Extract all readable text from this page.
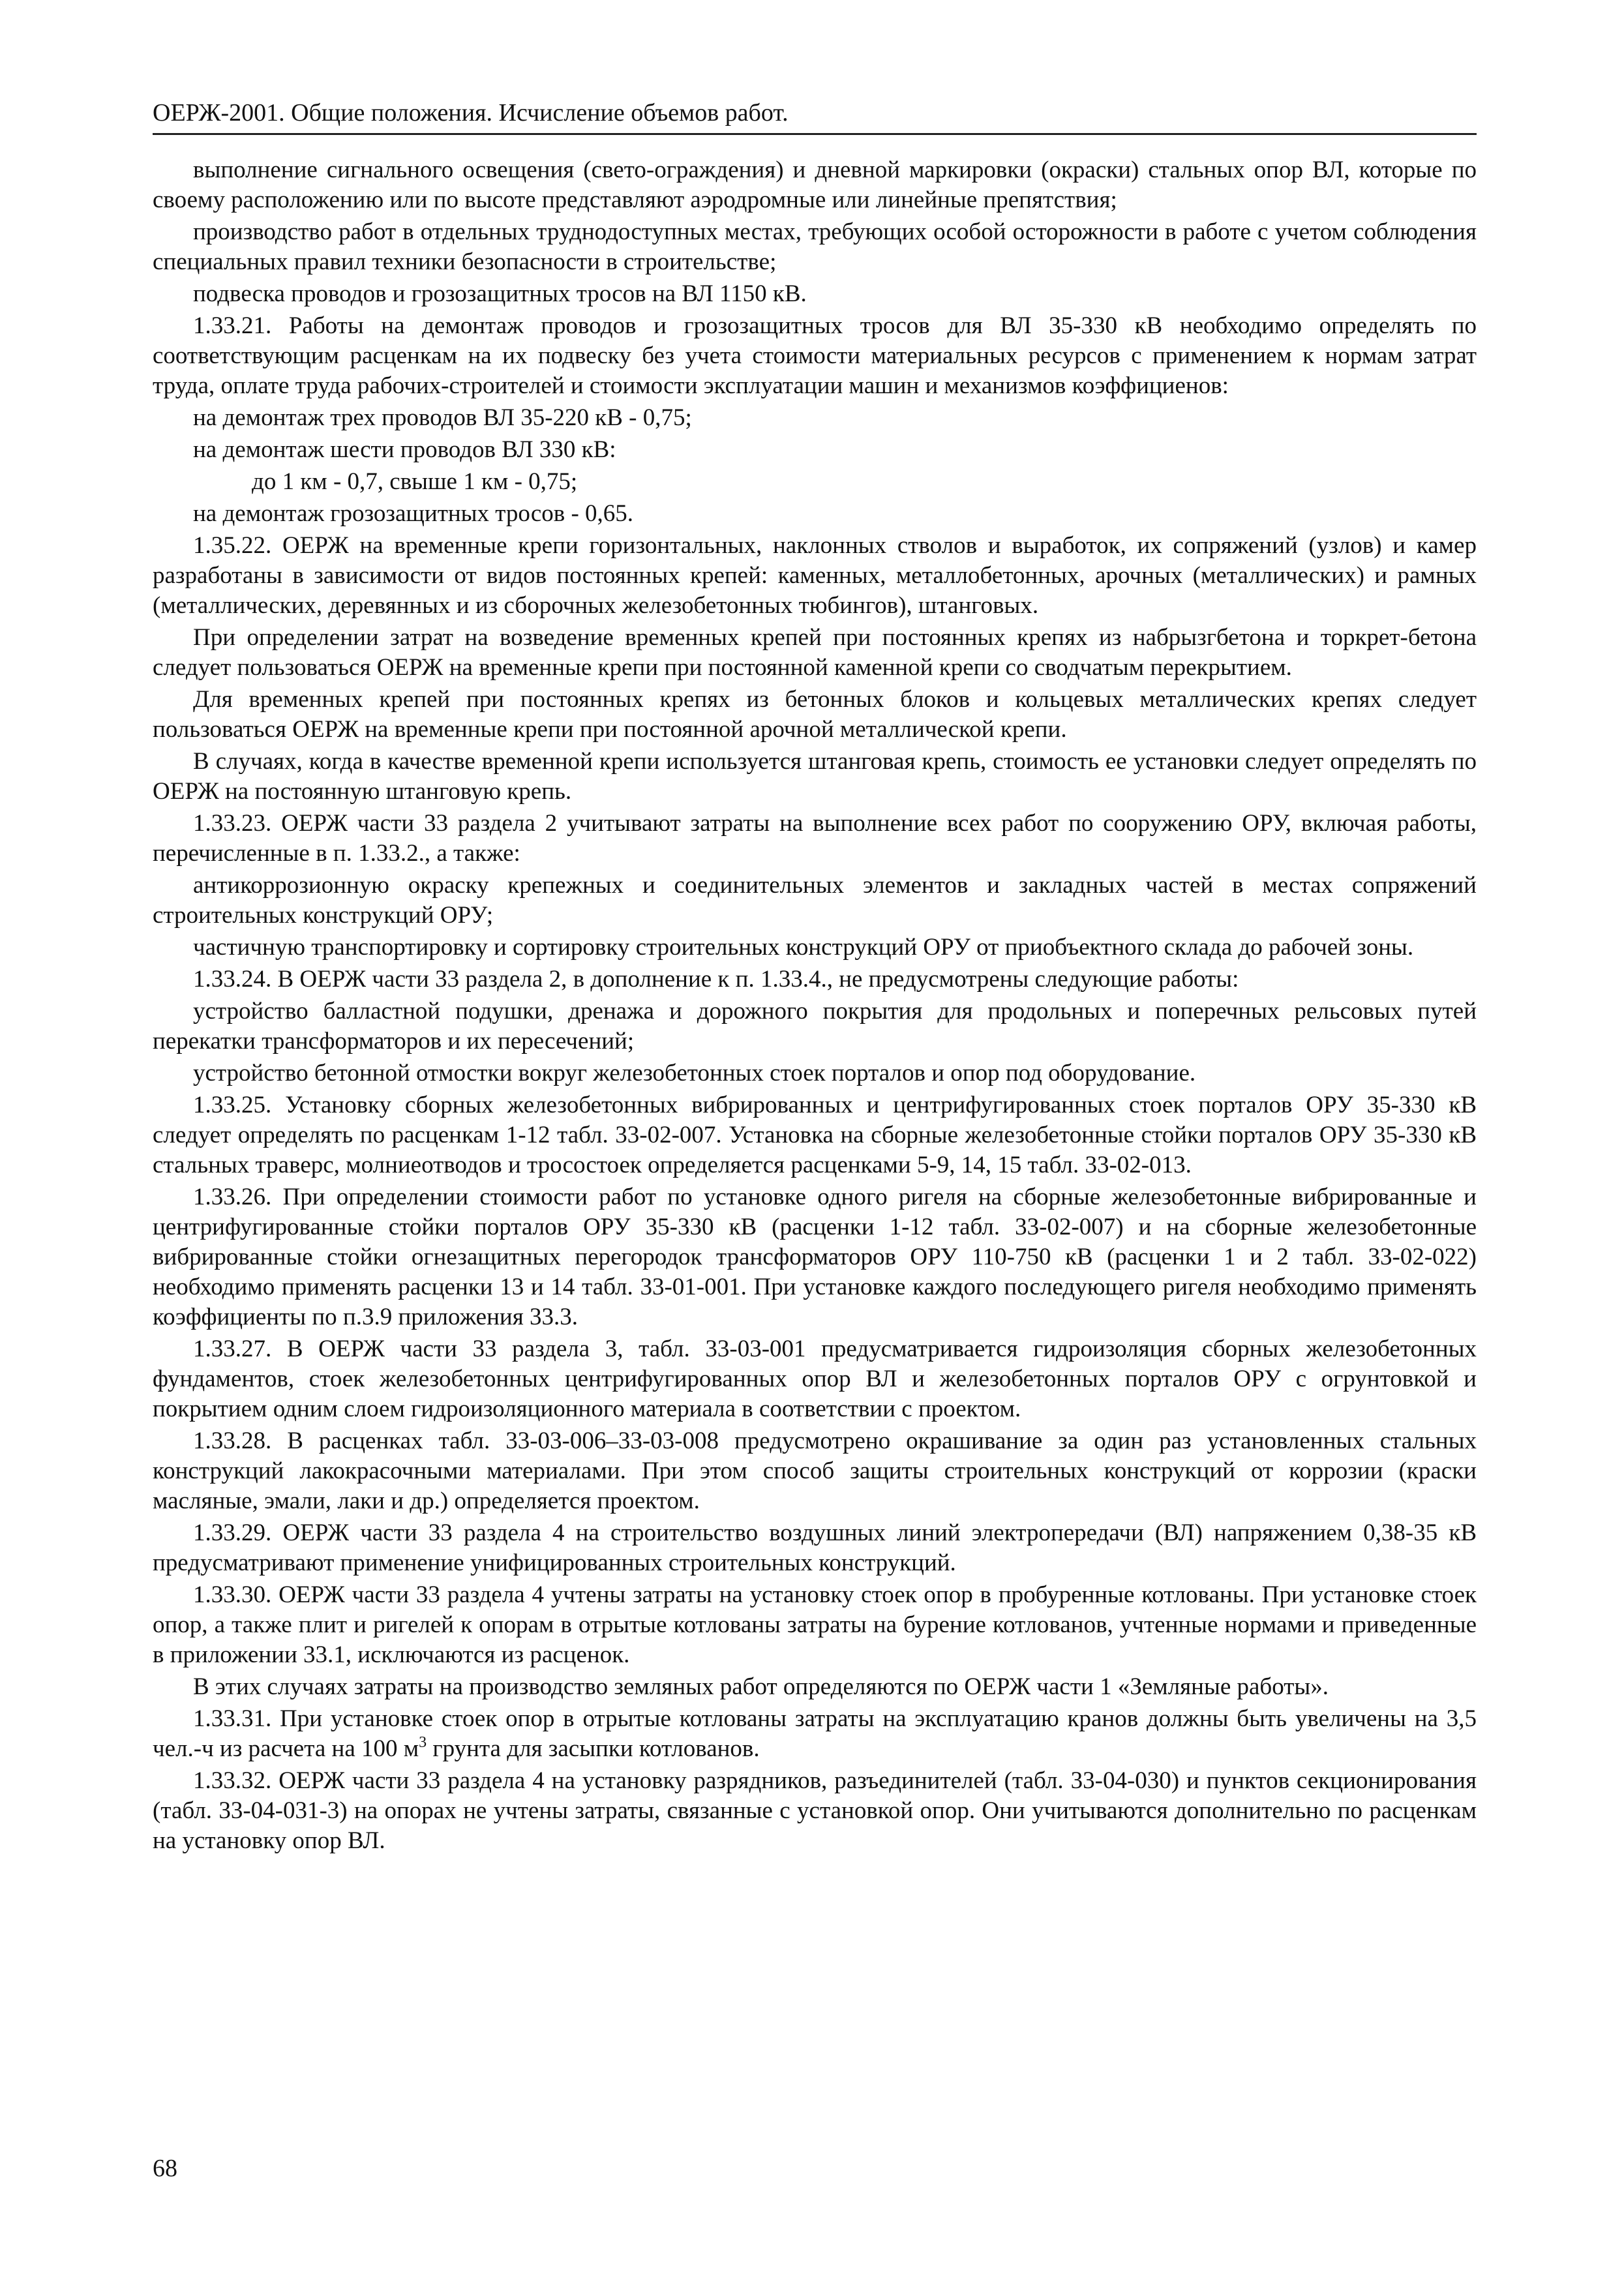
ОЕРЖ-2001. Общие положения. Исчисление объемов работ.

выполнение сигнального освещения (свето-ограждения) и дневной маркировки (окраски) стальных опор ВЛ, которые по своему расположению или по высоте представляют аэродромные или линейные препятствия;

производство работ в отдельных труднодоступных местах, требующих особой осторожности в работе с учетом соблюдения специальных правил техники безопасности в строительстве;

подвеска проводов и грозозащитных тросов на ВЛ 1150 кВ.

1.33.21. Работы на демонтаж проводов и грозозащитных тросов для ВЛ 35-330 кВ необходимо определять по соответствующим расценкам на их подвеску без учета стоимости материальных ресурсов с применением к нормам затрат труда, оплате труда рабочих-строителей и стоимости эксплуатации машин и механизмов коэффициенов:

на демонтаж трех проводов ВЛ 35-220 кВ - 0,75;

на демонтаж шести проводов ВЛ 330 кВ:

до 1 км - 0,7, свыше 1 км - 0,75;

на демонтаж грозозащитных тросов - 0,65.

1.35.22. ОЕРЖ на временные крепи горизонтальных, наклонных стволов и выработок, их сопряжений (узлов) и камер разработаны в зависимости от видов постоянных крепей: каменных, металлобетонных, арочных (металлических) и рамных (металлических, деревянных и из сборочных железобетонных тюбингов), штанговых.

При определении затрат на возведение временных крепей при постоянных крепях из набрызгбетона и торкрет-бетона следует пользоваться ОЕРЖ на временные крепи при постоянной каменной крепи со сводчатым перекрытием.

Для временных крепей при постоянных крепях из бетонных блоков и кольцевых металлических крепях следует пользоваться ОЕРЖ на временные крепи при постоянной арочной металлической крепи.

В случаях, когда в качестве временной крепи используется штанговая крепь, стоимость ее установки следует определять по ОЕРЖ на постоянную штанговую крепь.

1.33.23. ОЕРЖ части 33 раздела 2 учитывают затраты на выполнение всех работ по сооружению ОРУ, включая работы, перечисленные в п. 1.33.2., а также:

антикоррозионную окраску крепежных и соединительных элементов и закладных частей в местах сопряжений строительных конструкций ОРУ;

частичную транспортировку и сортировку строительных конструкций ОРУ от приобъектного склада до рабочей зоны.

1.33.24. В ОЕРЖ части 33 раздела 2, в дополнение к п. 1.33.4., не предусмотрены следующие работы:

устройство балластной подушки, дренажа и дорожного покрытия для продольных и поперечных рельсовых путей перекатки трансформаторов и их пересечений;

устройство бетонной отмостки вокруг железобетонных стоек порталов и опор под оборудование.

1.33.25. Установку сборных железобетонных вибрированных и центрифугированных стоек порталов ОРУ 35-330 кВ следует определять по расценкам 1-12 табл. 33-02-007. Установка на сборные железобетонные стойки порталов ОРУ 35-330 кВ стальных траверс, молниеотводов и тросостоек определяется расценками 5-9, 14, 15 табл. 33-02-013.

1.33.26. При определении стоимости работ по установке одного ригеля на сборные железобетонные вибрированные и центрифугированные стойки порталов ОРУ 35-330 кВ (расценки 1-12 табл. 33-02-007) и на сборные железобетонные вибрированные стойки огнезащитных перегородок трансформаторов ОРУ 110-750 кВ (расценки 1 и 2 табл. 33-02-022) необходимо применять расценки 13 и 14 табл. 33-01-001. При установке каждого последующего ригеля необходимо применять коэффициенты по п.3.9 приложения 33.3.

1.33.27. В ОЕРЖ части 33 раздела 3, табл. 33-03-001 предусматривается гидроизоляция сборных железобетонных фундаментов, стоек железобетонных центрифугированных опор ВЛ и железобетонных порталов ОРУ с огрунтовкой и покрытием одним слоем гидроизоляционного материала в соответствии с проектом.

1.33.28. В расценках табл. 33-03-006–33-03-008 предусмотрено окрашивание за один раз установленных стальных конструкций лакокрасочными материалами. При этом способ защиты строительных конструкций от коррозии (краски масляные, эмали, лаки и др.) определяется проектом.

1.33.29. ОЕРЖ части 33 раздела 4 на строительство воздушных линий электропередачи (ВЛ) напряжением 0,38-35 кВ предусматривают применение унифицированных строительных конструкций.

1.33.30. ОЕРЖ части 33 раздела 4 учтены затраты на установку стоек опор в пробуренные котлованы. При установке стоек опор, а также плит и ригелей к опорам в отрытые котлованы затраты на бурение котлованов, учтенные нормами и приведенные в приложении 33.1, исключаются из расценок.

В этих случаях затраты на производство земляных работ определяются по ОЕРЖ части 1 «Земляные работы».

1.33.31. При установке стоек опор в отрытые котлованы затраты на эксплуатацию кранов должны быть увеличены на 3,5 чел.-ч из расчета на 100 $м^3$ грунта для засыпки котлованов.

1.33.32. ОЕРЖ части 33 раздела 4 на установку разрядников, разъединителей (табл. 33-04-030) и пунктов секционирования (табл. 33-04-031-3) на опорах не учтены затраты, связанные с установкой опор. Они учитываются дополнительно по расценкам на установку опор ВЛ.

68
